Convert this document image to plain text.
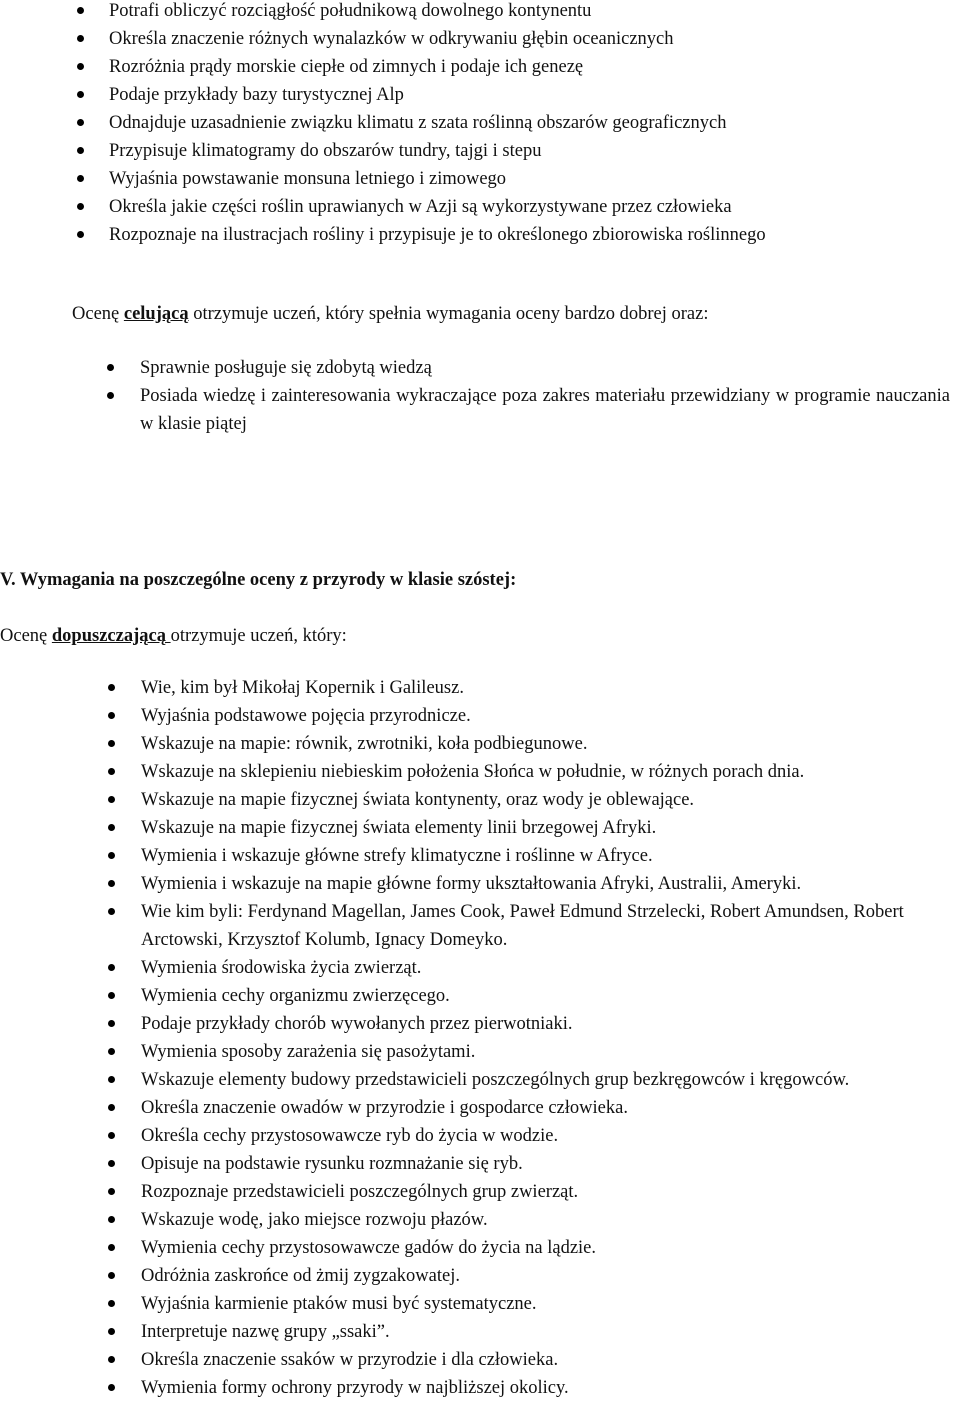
Potrafi obliczyć rozciągłość południkową dowolnego kontynentu
Określa znaczenie różnych wynalazków w odkrywaniu głębin oceanicznych
Rozróżnia prądy morskie ciepłe od zimnych i podaje ich genezę
Podaje przykłady bazy turystycznej Alp
Odnajduje uzasadnienie związku klimatu z szata roślinną obszarów geograficznych
Przypisuje klimatogramy do obszarów tundry, tajgi i stepu
Wyjaśnia powstawanie monsuna letniego i zimowego
Określa jakie części roślin uprawianych w Azji są wykorzystywane przez człowieka
Rozpoznaje na ilustracjach rośliny i przypisuje je to określonego zbiorowiska roślinnego

Ocenę celującą otrzymuje uczeń, który spełnia wymagania oceny bardzo dobrej oraz:

Sprawnie posługuje się zdobytą wiedzą
Posiada wiedzę i zainteresowania wykraczające poza zakres materiału przewidziany w programie nauczania w klasie piątej

V. Wymagania na poszczególne oceny z przyrody w klasie szóstej:

Ocenę dopuszczającą otrzymuje uczeń, który:

Wie, kim był Mikołaj Kopernik i Galileusz.
Wyjaśnia podstawowe pojęcia przyrodnicze.
Wskazuje na mapie: równik, zwrotniki, koła podbiegunowe.
Wskazuje na sklepieniu niebieskim położenia Słońca w południe, w różnych porach dnia.
Wskazuje na mapie fizycznej świata kontynenty, oraz wody je oblewające.
Wskazuje na mapie fizycznej świata elementy linii brzegowej Afryki.
Wymienia i wskazuje główne strefy klimatyczne i roślinne w Afryce.
Wymienia i wskazuje na mapie główne formy ukształtowania Afryki, Australii, Ameryki.
Wie kim byli: Ferdynand Magellan, James Cook, Paweł Edmund Strzelecki, Robert Amundsen, Robert Arctowski, Krzysztof Kolumb, Ignacy Domeyko.
Wymienia środowiska życia zwierząt.
Wymienia cechy organizmu zwierzęcego.
Podaje przykłady chorób wywołanych przez pierwotniaki.
Wymienia sposoby zarażenia się pasożytami.
Wskazuje elementy budowy przedstawicieli poszczególnych grup bezkręgowców i kręgowców.
Określa znaczenie owadów w przyrodzie i gospodarce człowieka.
Określa cechy przystosowawcze ryb do życia w wodzie.
Opisuje na podstawie rysunku rozmnażanie się ryb.
Rozpoznaje przedstawicieli poszczególnych grup zwierząt.
Wskazuje wodę, jako miejsce rozwoju płazów.
Wymienia cechy przystosowawcze gadów do życia na lądzie.
Odróżnia zaskrońce od żmij zygzakowatej.
Wyjaśnia karmienie ptaków musi być systematyczne.
Interpretuje nazwę grupy „ssaki”.
Określa znaczenie ssaków w przyrodzie i dla człowieka.
Wymienia formy ochrony przyrody w najbliższej okolicy.
